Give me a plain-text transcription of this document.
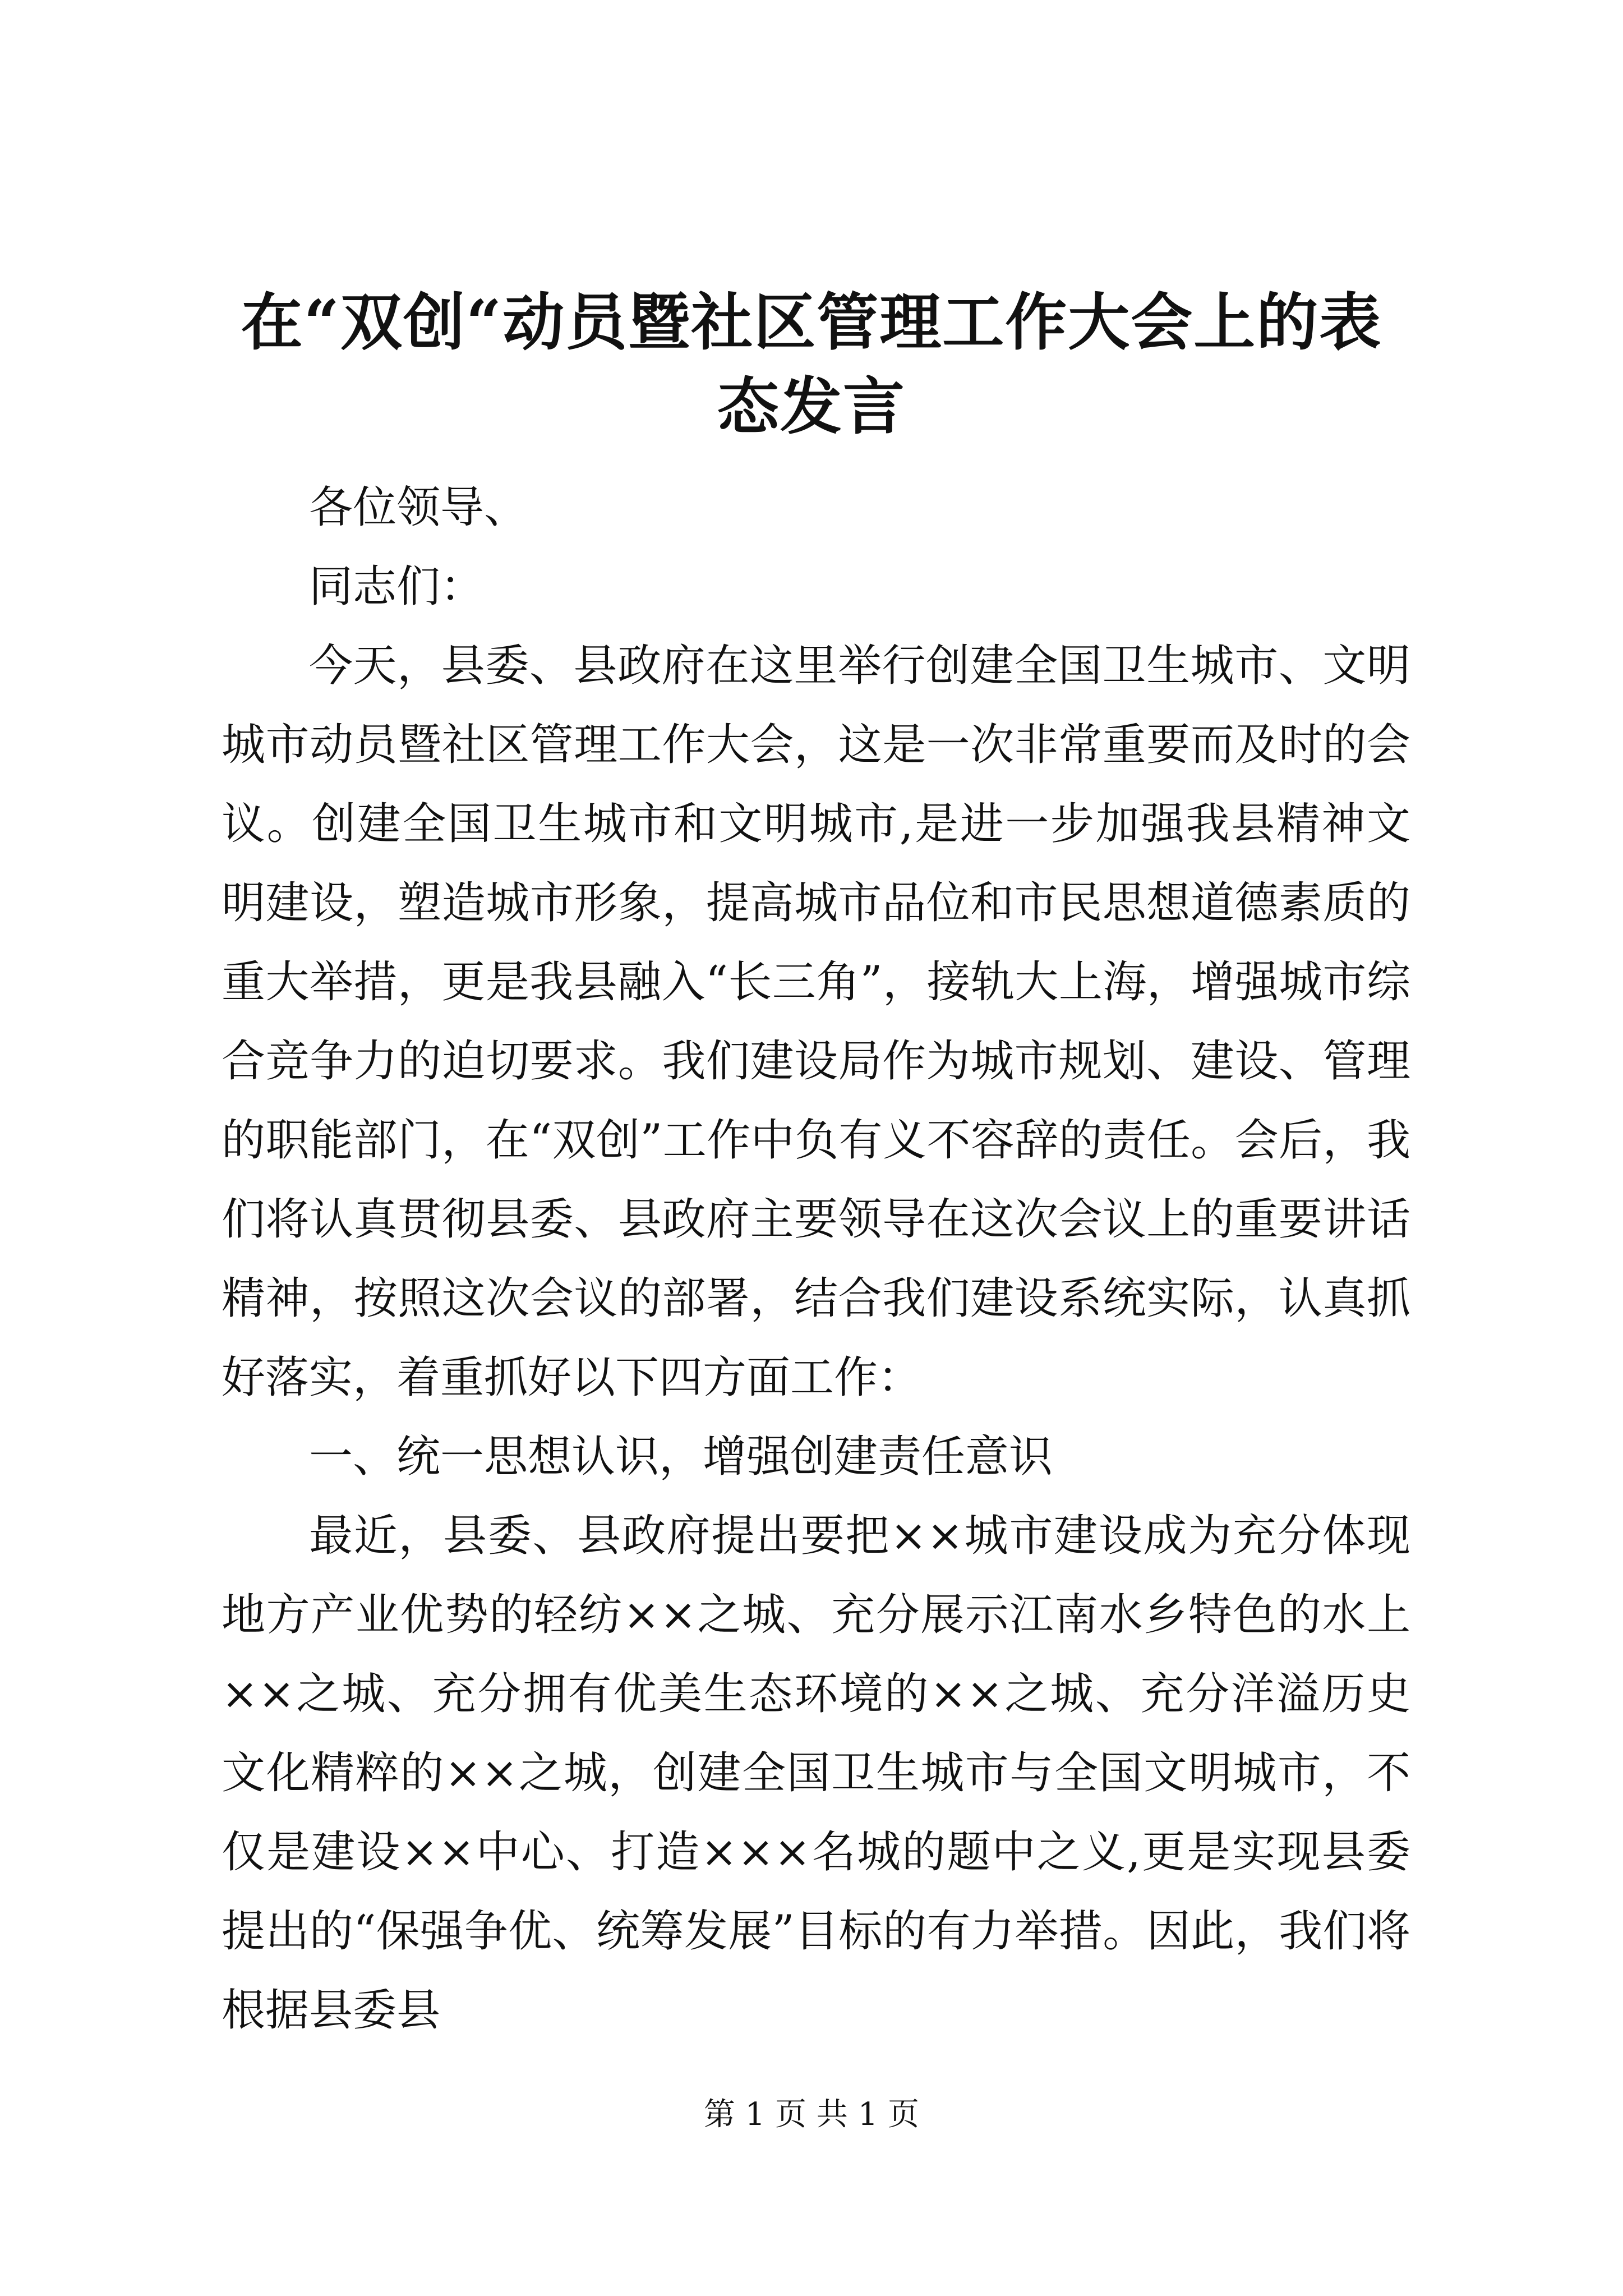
在“双创“动员暨社区管理工作大会上的表态发言

各位领导、

同志们：

今天，县委、县政府在这里举行创建全国卫生城市、文明城市动员暨社区管理工作大会，这是一次非常重要而及时的会议。创建全国卫生城市和文明城市,是进一步加强我县精神文明建设，塑造城市形象，提高城市品位和市民思想道德素质的重大举措，更是我县融入“长三角”，接轨大上海，增强城市综合竞争力的迫切要求。我们建设局作为城市规划、建设、管理的职能部门，在“双创”工作中负有义不容辞的责任。会后，我们将认真贯彻县委、县政府主要领导在这次会议上的重要讲话精神，按照这次会议的部署，结合我们建设系统实际，认真抓好落实，着重抓好以下四方面工作：

一、统一思想认识，增强创建责任意识

最近，县委、县政府提出要把××城市建设成为充分体现地方产业优势的轻纺××之城、充分展示江南水乡特色的水上××之城、充分拥有优美生态环境的××之城、充分洋溢历史文化精粹的××之城，创建全国卫生城市与全国文明城市，不仅是建设××中心、打造×××名城的题中之义,更是实现县委提出的“保强争优、统筹发展”目标的有力举措。因此，我们将根据县委县

第 1 页 共 1 页
